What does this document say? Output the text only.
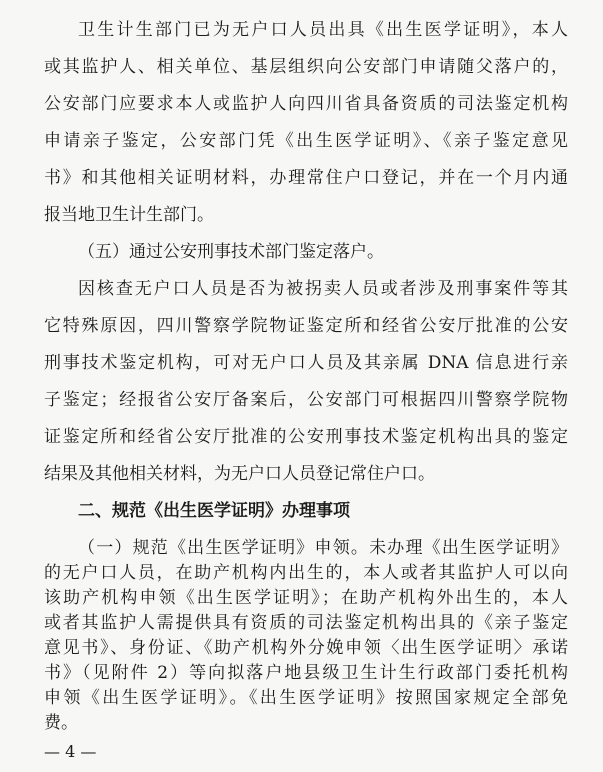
卫生计生部门已为无户口人员出具《出生医学证明》，本人
或其监护人、相关单位、基层组织向公安部门申请随父落户的，
公安部门应要求本人或监护人向四川省具备资质的司法鉴定机构
申请亲子鉴定，公安部门凭《出生医学证明》、《亲子鉴定意见
书》和其他相关证明材料，办理常住户口登记，并在一个月内通
报当地卫生计生部门。
（五）通过公安刑事技术部门鉴定落户。
因核查无户口人员是否为被拐卖人员或者涉及刑事案件等其
它特殊原因，四川警察学院物证鉴定所和经省公安厅批准的公安
刑事技术鉴定机构，可对无户口人员及其亲属 DNA 信息进行亲
子鉴定；经报省公安厅备案后，公安部门可根据四川警察学院物
证鉴定所和经省公安厅批准的公安刑事技术鉴定机构出具的鉴定
结果及其他相关材料，为无户口人员登记常住户口。
二、规范《出生医学证明》办理事项
（一）规范《出生医学证明》申领。未办理《出生医学证明》
的无户口人员，在助产机构内出生的，本人或者其监护人可以向
该助产机构申领《出生医学证明》；在助产机构外出生的，本人
或者其监护人需提供具有资质的司法鉴定机构出具的《亲子鉴定
意见书》、身份证、《助产机构外分娩申领〈出生医学证明〉承诺
— 4 —
书》（见附件 2）等向拟落户地县级卫生计生行政部门委托机构
申领《出生医学证明》。《出生医学证明》按照国家规定全部免
费。
